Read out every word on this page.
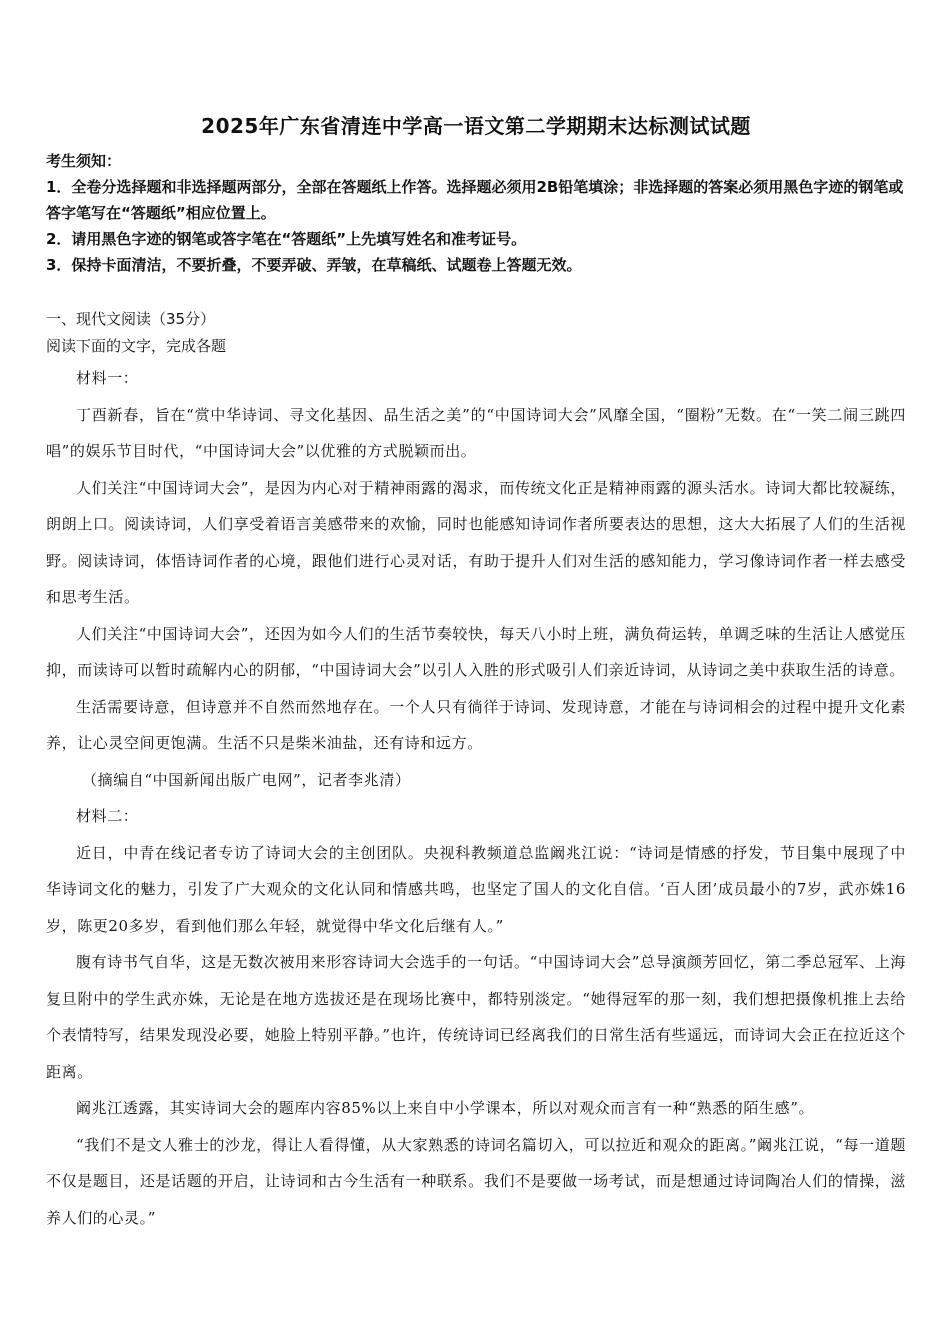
2025年广东省清连中学高一语文第二学期期末达标测试试题
考生须知：
1．全卷分选择题和非选择题两部分，全部在答题纸上作答。选择题必须用2B铅笔填涂；非选择题的答案必须用黑色字迹的钢笔或答字笔写在“答题纸”相应位置上。
2．请用黑色字迹的钢笔或答字笔在“答题纸”上先填写姓名和准考证号。
3．保持卡面清洁，不要折叠，不要弄破、弄皱，在草稿纸、试题卷上答题无效。
一、现代文阅读（35分）
阅读下面的文字，完成各题

材料一：

丁酉新春，旨在“赏中华诗词、寻文化基因、品生活之美”的“中国诗词大会”风靡全国，“圈粉”无数。在“一笑二闹三跳四唱”的娱乐节目时代，“中国诗词大会”以优雅的方式脱颖而出。

人们关注“中国诗词大会”，是因为内心对于精神雨露的渴求，而传统文化正是精神雨露的源头活水。诗词大都比较凝练，朗朗上口。阅读诗词，人们享受着语言美感带来的欢愉，同时也能感知诗词作者所要表达的思想，这大大拓展了人们的生活视野。阅读诗词，体悟诗词作者的心境，跟他们进行心灵对话，有助于提升人们对生活的感知能力，学习像诗词作者一样去感受和思考生活。

人们关注“中国诗词大会”，还因为如今人们的生活节奏较快，每天八小时上班，满负荷运转，单调乏味的生活让人感觉压抑，而读诗可以暂时疏解内心的阴郁，“中国诗词大会”以引人入胜的形式吸引人们亲近诗词，从诗词之美中获取生活的诗意。

生活需要诗意，但诗意并不自然而然地存在。一个人只有徜徉于诗词、发现诗意，才能在与诗词相会的过程中提升文化素养，让心灵空间更饱满。生活不只是柴米油盐，还有诗和远方。

（摘编自“中国新闻出版广电网”，记者李兆清）

材料二：

近日，中青在线记者专访了诗词大会的主创团队。央视科教频道总监阚兆江说：“诗词是情感的抒发，节目集中展现了中华诗词文化的魅力，引发了广大观众的文化认同和情感共鸣，也坚定了国人的文化自信。‘百人团’成员最小的7岁，武亦姝16岁，陈更20多岁，看到他们那么年轻，就觉得中华文化后继有人。”

腹有诗书气自华，这是无数次被用来形容诗词大会选手的一句话。“中国诗词大会”总导演颜芳回忆，第二季总冠军、上海复旦附中的学生武亦姝，无论是在地方选拔还是在现场比赛中，都特别淡定。“她得冠军的那一刻，我们想把摄像机推上去给个表情特写，结果发现没必要，她脸上特别平静。”也许，传统诗词已经离我们的日常生活有些遥远，而诗词大会正在拉近这个距离。

阚兆江透露，其实诗词大会的题库内容85%以上来自中小学课本，所以对观众而言有一种“熟悉的陌生感”。

“我们不是文人雅士的沙龙，得让人看得懂，从大家熟悉的诗词名篇切入，可以拉近和观众的距离。”阚兆江说，“每一道题不仅是题目，还是话题的开启，让诗词和古今生活有一种联系。我们不是要做一场考试，而是想通过诗词陶冶人们的情操，滋养人们的心灵。”
